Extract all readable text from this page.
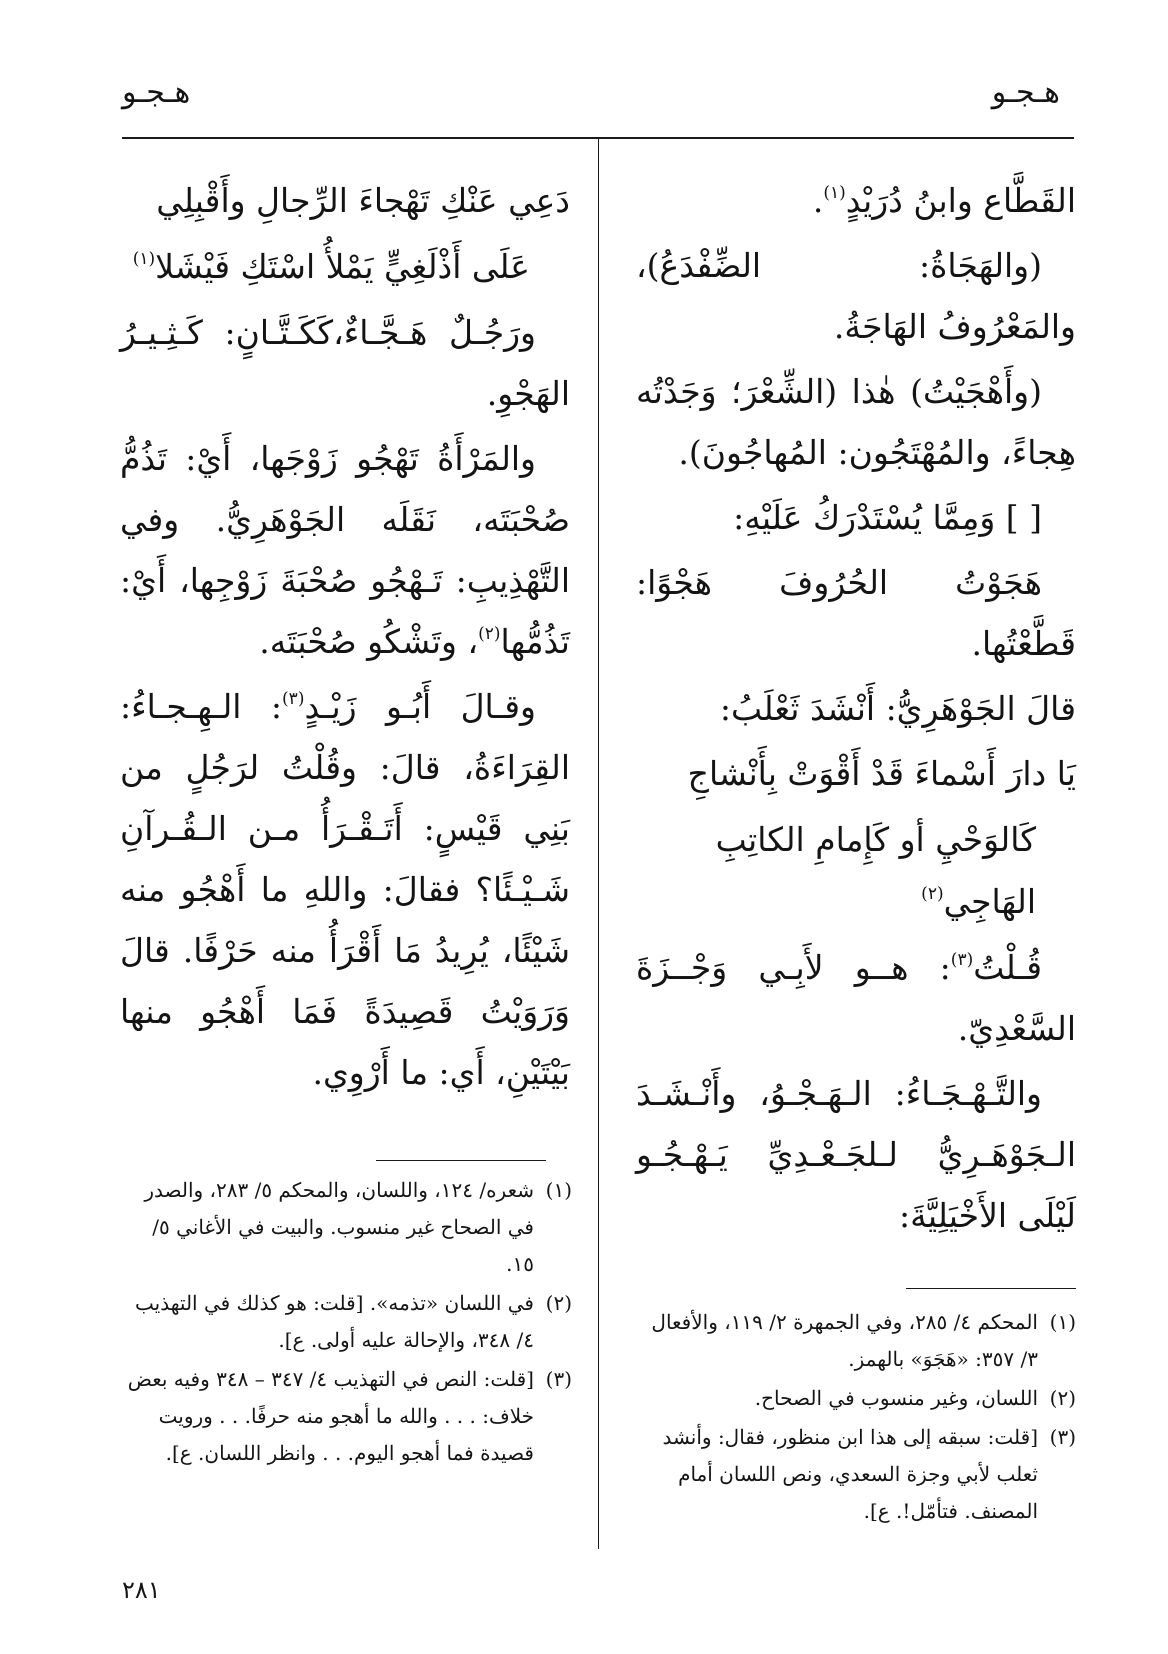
هـجـو
هـجـو

القَطَّاع وابنُ دُرَيْدٍ$^{(١)}$.

(والهَجَاةُ: الضِّفْدَعُ)، والمَعْرُوفُ الهَاجَةُ.

(وأَهْجَيْتُ) هٰذا (الشِّعْرَ؛ وَجَدْتُه هِجاءً، والمُهْتَجُون: المُهاجُونَ).

[ ] وَمِمَّا يُسْتَدْرَكُ عَلَيْهِ:

هَجَوْتُ الحُرُوفَ هَجْوًا: قَطَّعْتُها.

قالَ الجَوْهَرِيُّ: أَنْشَدَ ثَعْلَبُ:

يَا دارَ أَسْماءَ قَدْ أَقْوَتْ بِأَنْشاجِ

كَالوَحْيِ أو كَإِمامِ الكاتِبِ الهَاجِي$^{(٢)}$

قُـلْتُ$^{(٣)}$: هــو لأَبِـي وَجْــزَةَ السَّعْدِيّ.

والتَّـهْـجَـاءُ: الـهَـجْـوُ، وأَنْـشَـدَ الـجَوْهَـرِيُّ لـلجَـعْـدِيِّ يَـهْـجُـو لَيْلَى الأَخْيَلِيَّةَ:

دَعِي عَنْكِ تَهْجاءَ الرِّجالِ وأَقْبِلِي

عَلَى أَذْلَغِيٍّ يَمْلأُ اسْتَكِ فَيْشَلا$^{(١)}$

ورَجُـلٌ هَـجَّـاءٌ،كَكَـتَّـانٍ: كَـثِـيـرُ الهَجْوِ.

والمَرْأَةُ تَهْجُو زَوْجَها، أَيْ: تَذُمُّ صُحْبَتَه، نَقَلَه الجَوْهَرِيُّ. وفي التَّهْذِيبِ: تَـهْجُو صُحْبَةَ زَوْجِها، أَيْ: تَذُمُّها$^{(٢)}$، وتَشْكُو صُحْبَتَه.

وقـالَ أَبُـو زَيْـدٍ$^{(٣)}$: الـهِـجـاءُ: القِرَاءَةُ، قالَ: وقُلْتُ لرَجُلٍ من بَنِي قَيْسٍ: أَتَـقْـرَأُ مـن الـقُـرآنِ شَـيْـئًا؟ فقالَ: واللهِ ما أَهْجُو منه شَيْئًا، يُرِيدُ مَا أَقْرَأُ منه حَرْفًا. قالَ وَرَوَيْتُ قَصِيدَةً فَمَا أَهْجُو منها بَيْتَيْنِ، أَي: ما أَرْوِي.

(١)
المحكم ٤/ ٢٨٥، وفي الجمهرة ٢/ ١١٩، والأفعال ٣/ ٣٥٧: «هَجَوَ» بالهمز.
(٢)
اللسان، وغير منسوب في الصحاح.
(٣)
[قلت: سبقه إلى هذا ابن منظور، فقال: وأنشد ثعلب لأبي وجزة السعدي، ونص اللسان أمام المصنف. فتأمّل!. ع].
(١)
شعره/ ١٢٤، واللسان، والمحكم ٥/ ٢٨٣، والصدر في الصحاح غير منسوب. والبيت في الأغاني ٥/ ١٥.
(٢)
في اللسان «تذمه». [قلت: هو كذلك في التهذيب ٤/ ٣٤٨، والإحالة عليه أولى. ع].
(٣)
[قلت: النص في التهذيب ٤/ ٣٤٧ – ٣٤٨ وفيه بعض خلاف: . . . والله ما أهجو منه حرفًا. . . ورويت قصيدة فما أهجو اليوم. . . وانظر اللسان. ع].
٢٨١
